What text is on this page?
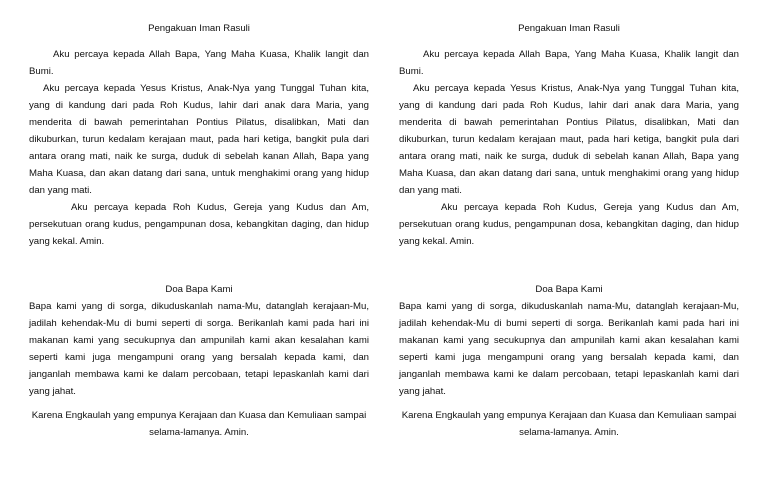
Pengakuan Iman Rasuli

Aku percaya kepada Allah Bapa, Yang Maha Kuasa, Khalik langit dan Bumi.

Aku percaya kepada Yesus Kristus, Anak-Nya yang Tunggal Tuhan kita, yang di kandung dari pada Roh Kudus, lahir dari anak dara Maria, yang menderita di bawah pemerintahan Pontius Pilatus, disalibkan, Mati dan dikuburkan, turun kedalam kerajaan maut, pada hari ketiga, bangkit pula dari antara orang mati, naik ke surga, duduk di sebelah kanan Allah, Bapa yang Maha Kuasa, dan akan datang dari sana, untuk menghakimi orang yang hidup dan yang mati.

Aku percaya kepada Roh Kudus, Gereja yang Kudus dan Am, persekutuan orang kudus, pengampunan dosa, kebangkitan daging, dan hidup yang kekal. Amin.

Doa Bapa Kami

Bapa kami yang di sorga, dikuduskanlah nama-Mu, datanglah kerajaan-Mu, jadilah kehendak-Mu di bumi seperti di sorga. Berikanlah kami pada hari ini makanan kami yang secukupnya dan ampunilah kami akan kesalahan kami seperti kami juga mengampuni orang yang bersalah kepada kami, dan janganlah membawa kami ke dalam percobaan, tetapi lepaskanlah kami dari yang jahat.

Karena Engkaulah yang empunya Kerajaan dan Kuasa dan Kemuliaan sampai selama-lamanya. Amin.

Pengakuan Iman Rasuli

Aku percaya kepada Allah Bapa, Yang Maha Kuasa, Khalik langit dan Bumi.

Aku percaya kepada Yesus Kristus, Anak-Nya yang Tunggal Tuhan kita, yang di kandung dari pada Roh Kudus, lahir dari anak dara Maria, yang menderita di bawah pemerintahan Pontius Pilatus, disalibkan, Mati dan dikuburkan, turun kedalam kerajaan maut, pada hari ketiga, bangkit pula dari antara orang mati, naik ke surga, duduk di sebelah kanan Allah, Bapa yang Maha Kuasa, dan akan datang dari sana, untuk menghakimi orang yang hidup dan yang mati.

Aku percaya kepada Roh Kudus, Gereja yang Kudus dan Am, persekutuan orang kudus, pengampunan dosa, kebangkitan daging, dan hidup yang kekal. Amin.

Doa Bapa Kami

Bapa kami yang di sorga, dikuduskanlah nama-Mu, datanglah kerajaan-Mu, jadilah kehendak-Mu di bumi seperti di sorga. Berikanlah kami pada hari ini makanan kami yang secukupnya dan ampunilah kami akan kesalahan kami seperti kami juga mengampuni orang yang bersalah kepada kami, dan janganlah membawa kami ke dalam percobaan, tetapi lepaskanlah kami dari yang jahat.

Karena Engkaulah yang empunya Kerajaan dan Kuasa dan Kemuliaan sampai selama-lamanya. Amin.
